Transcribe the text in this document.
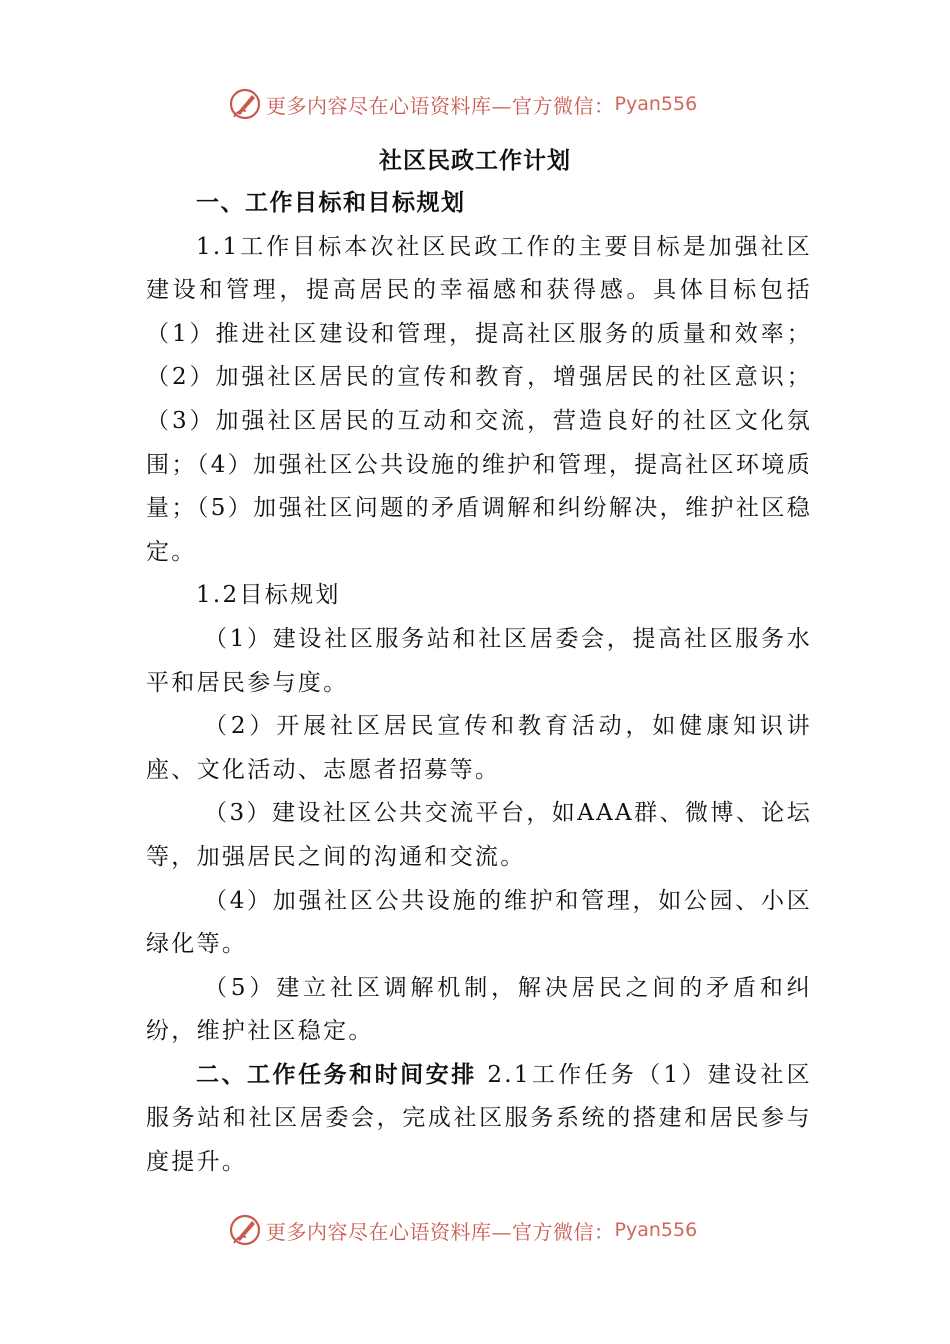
更多内容尽在心语资料库—官方微信： Pyan556
社区民政工作计划

一、工作目标和目标规划

1.1工作目标本次社区民政工作的主要目标是加强社区建设和管理，提高居民的幸福感和获得感。具体目标包括（1）推进社区建设和管理，提高社区服务的质量和效率；（2）加强社区居民的宣传和教育，增强居民的社区意识；（3）加强社区居民的互动和交流，营造良好的社区文化氛围；（4）加强社区公共设施的维护和管理，提高社区环境质量；（5）加强社区问题的矛盾调解和纠纷解决，维护社区稳定。

1.2目标规划

（1）建设社区服务站和社区居委会，提高社区服务水平和居民参与度。

（2）开展社区居民宣传和教育活动，如健康知识讲座、文化活动、志愿者招募等。

（3）建设社区公共交流平台，如AAA群、微博、论坛等，加强居民之间的沟通和交流。

（4）加强社区公共设施的维护和管理，如公园、小区绿化等。

（5）建立社区调解机制，解决居民之间的矛盾和纠纷，维护社区稳定。

二、工作任务和时间安排 2.1工作任务（1）建设社区服务站和社区居委会，完成社区服务系统的搭建和居民参与度提升。

更多内容尽在心语资料库—官方微信： Pyan556
